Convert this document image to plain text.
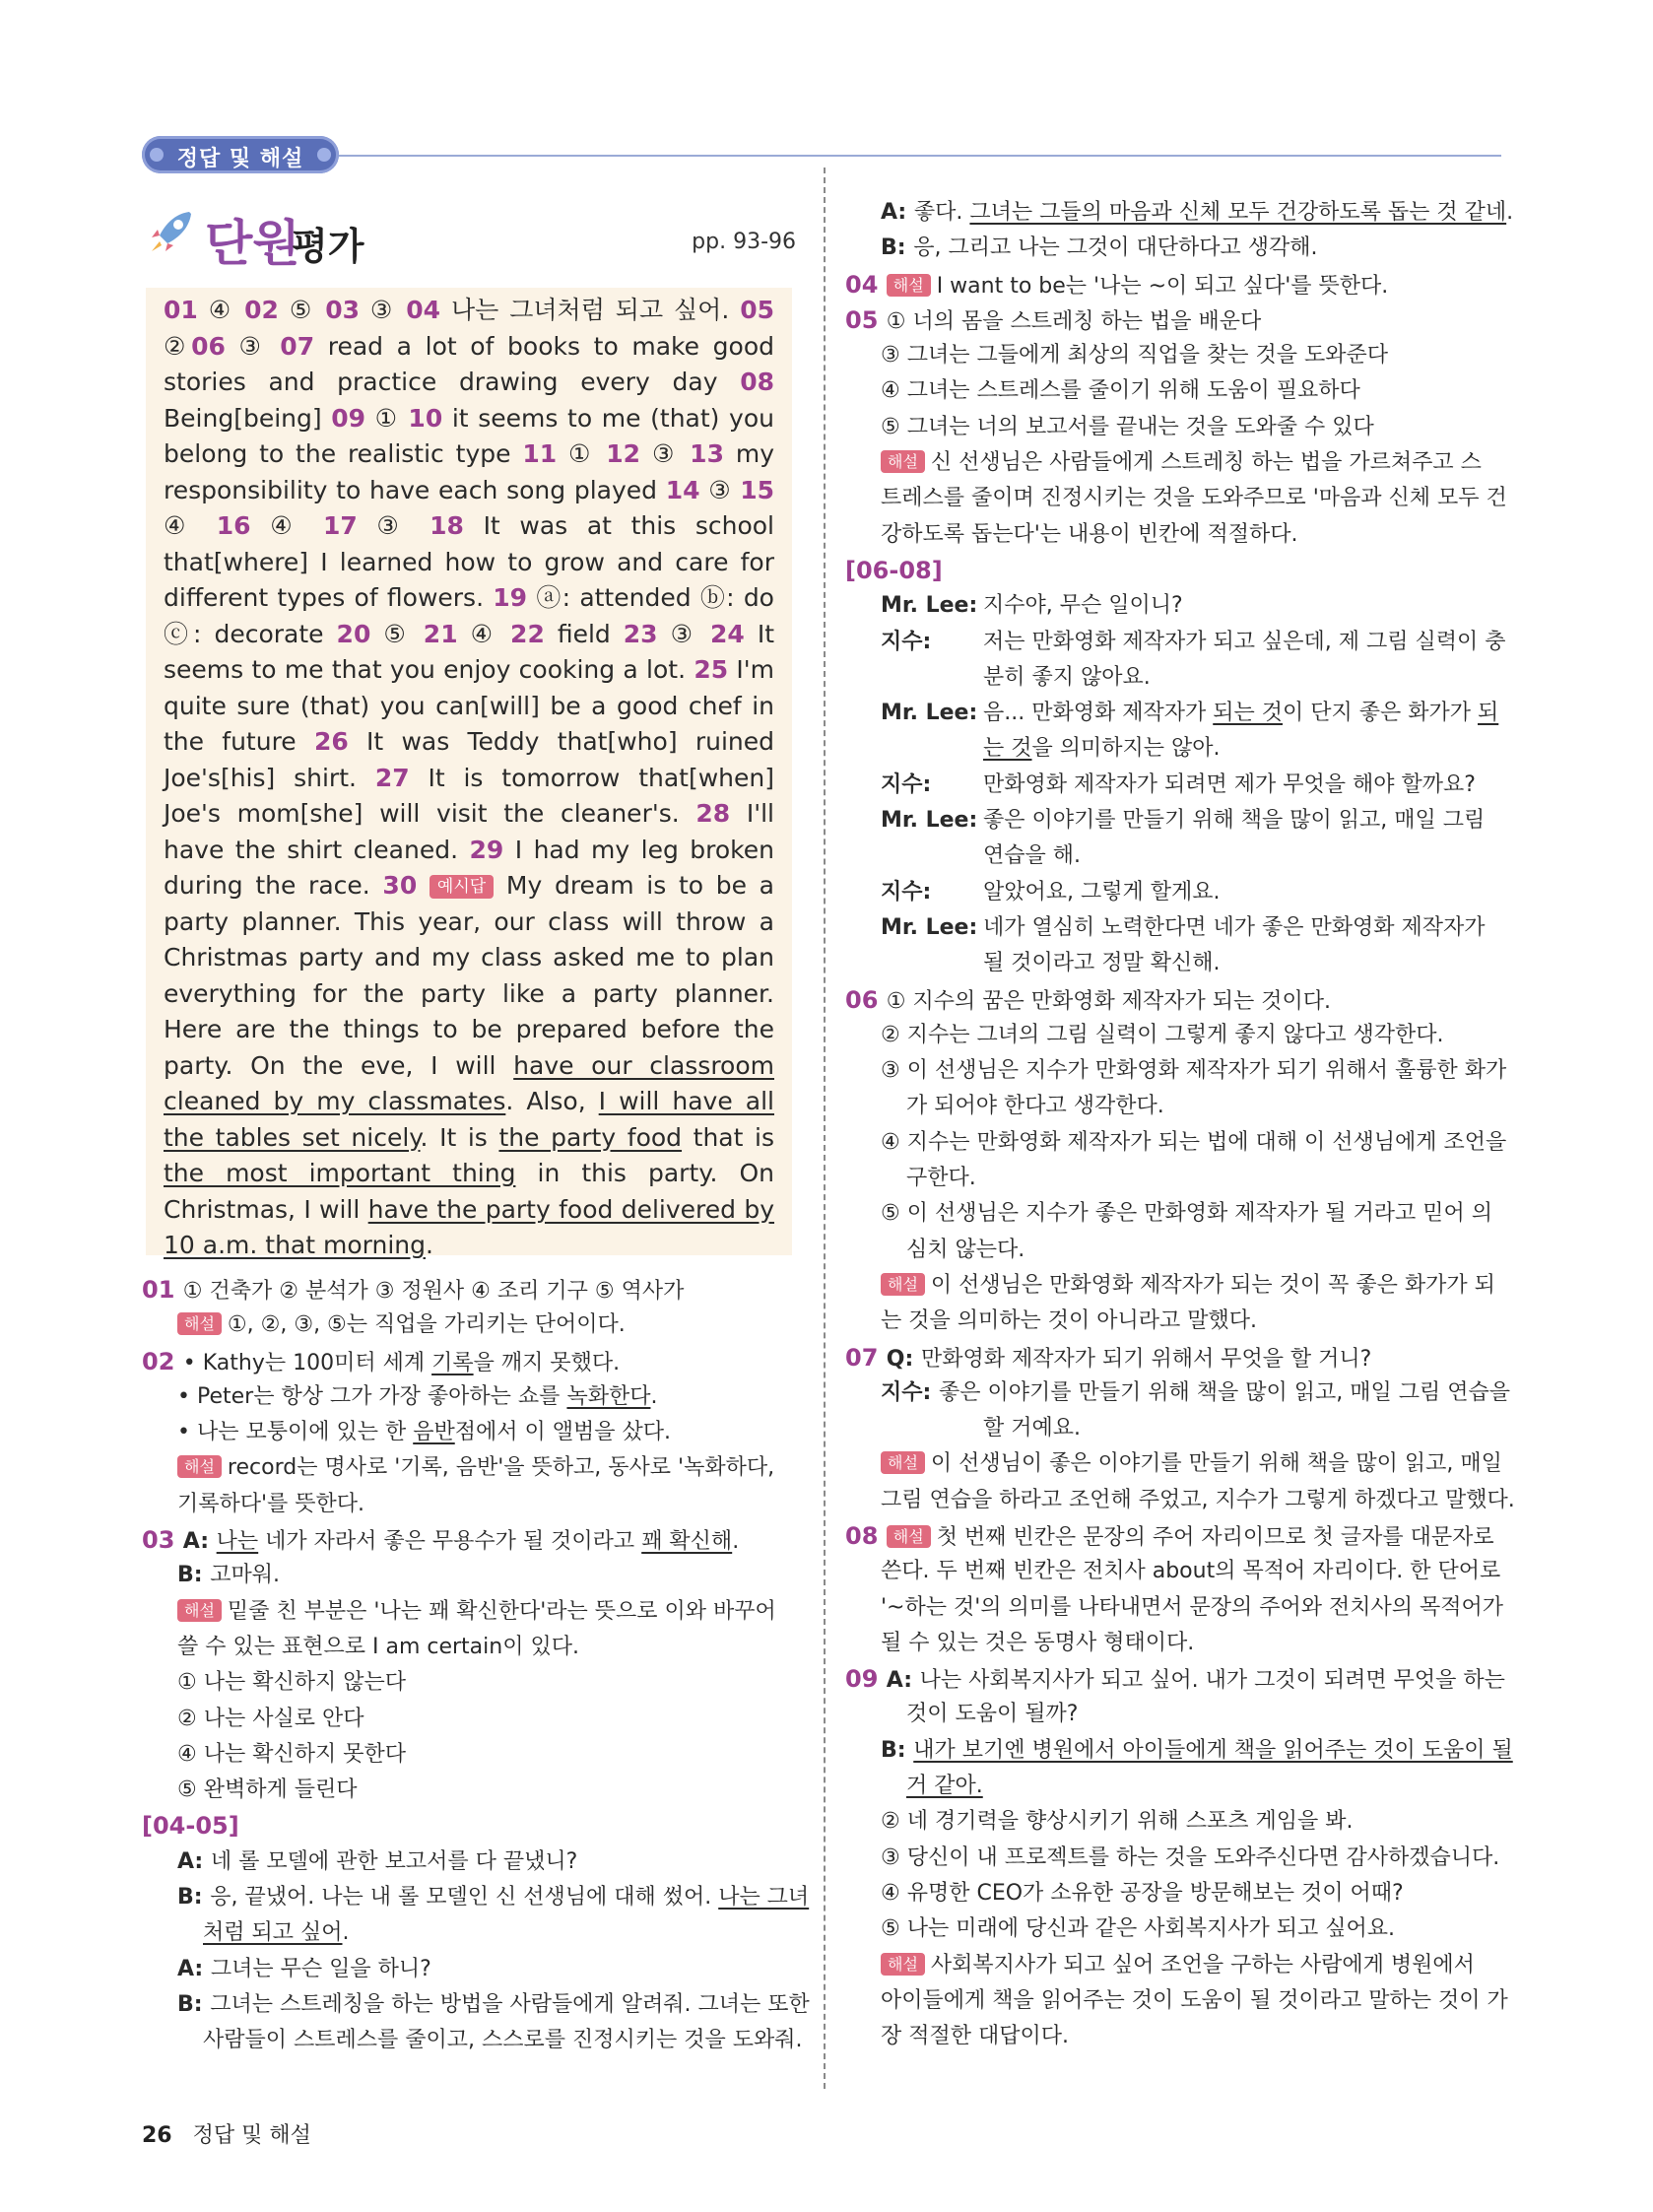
정답 및 해설
단원
평가	pp. 93-96

01 ④ 02 ⑤ 03 ③ 04 나는 그녀처럼 되고 싶어. 05 ②06 ③ 07 read a lot of books to make good stories and practice drawing every day 08 Being[being] 09 ① 10 it seems to me (that) you belong to the realistic type 11 ① 12 ③ 13 my responsibility to have each song played 14 ③ 15 ④ 16 ④ 17 ③ 18 It was at this school that[where] I learned how to grow and care for different types of flowers. 19 ⓐ: attended ⓑ: do ⓒ: decorate 20 ⑤ 21 ④ 22 field 23 ③ 24 It seems to me that you enjoy cooking a lot. 25 I'm quite sure (that) you can[will] be a good chef in the future 26 It was Teddy that[who] ruined Joe's[his] shirt. 27 It is tomorrow that[when] Joe's mom[she] will visit the cleaner's. 28 I'll have the shirt cleaned. 29 I had my leg broken during the race. 30 예시답 My dream is to be a party planner. This year, our class will throw a Christmas party and my class asked me to plan everything for the party like a party planner. Here are the things to be prepared before the party. On the eve, I will have our classroom cleaned by my classmates. Also, I will have all the tables set nicely. It is the party food that is the most important thing in this party. On Christmas, I will have the party food delivered by 10 a.m. that morning.

01 ① 건축가 ② 분석가 ③ 정원사 ④ 조리 기구 ⑤ 역사가
해설 ①, ②, ③, ⑤는 직업을 가리키는 단어이다.
02 • Kathy는 100미터 세계 기록을 깨지 못했다.
• Peter는 항상 그가 가장 좋아하는 쇼를 녹화한다.
• 나는 모퉁이에 있는 한 음반점에서 이 앨범을 샀다.
해설 record는 명사로 '기록, 음반'을 뜻하고, 동사로 '녹화하다,
기록하다'를 뜻한다.
03 A: 나는 네가 자라서 좋은 무용수가 될 것이라고 꽤 확신해.
B: 고마워.
해설 밑줄 친 부분은 '나는 꽤 확신한다'라는 뜻으로 이와 바꾸어
쓸 수 있는 표현으로 I am certain이 있다.
① 나는 확신하지 않는다
② 나는 사실로 안다
④ 나는 확신하지 못한다
⑤ 완벽하게 들린다
[04-05]
A: 네 롤 모델에 관한 보고서를 다 끝냈니?
B: 응, 끝냈어. 나는 내 롤 모델인 신 선생님에 대해 썼어. 나는 그녀
처럼 되고 싶어.
A: 그녀는 무슨 일을 하니?
B: 그녀는 스트레칭을 하는 방법을 사람들에게 알려줘. 그녀는 또한
사람들이 스트레스를 줄이고, 스스로를 진정시키는 것을 도와줘.
A: 좋다. 그녀는 그들의 마음과 신체 모두 건강하도록 돕는 것 같네.
B: 응, 그리고 나는 그것이 대단하다고 생각해.
04 해설 I want to be는 '나는 ~이 되고 싶다'를 뜻한다.
05 ① 너의 몸을 스트레칭 하는 법을 배운다
③ 그녀는 그들에게 최상의 직업을 찾는 것을 도와준다
④ 그녀는 스트레스를 줄이기 위해 도움이 필요하다
⑤ 그녀는 너의 보고서를 끝내는 것을 도와줄 수 있다
해설 신 선생님은 사람들에게 스트레칭 하는 법을 가르쳐주고 스
트레스를 줄이며 진정시키는 것을 도와주므로 '마음과 신체 모두 건
강하도록 돕는다'는 내용이 빈칸에 적절하다.
[06-08]
Mr. Lee: 지수야, 무슨 일이니?
지수: 저는 만화영화 제작자가 되고 싶은데, 제 그림 실력이 충
분히 좋지 않아요.
Mr. Lee: 음... 만화영화 제작자가 되는 것이 단지 좋은 화가가 되
는 것을 의미하지는 않아.
지수: 만화영화 제작자가 되려면 제가 무엇을 해야 할까요?
Mr. Lee: 좋은 이야기를 만들기 위해 책을 많이 읽고, 매일 그림
연습을 해.
지수: 알았어요, 그렇게 할게요.
Mr. Lee: 네가 열심히 노력한다면 네가 좋은 만화영화 제작자가
될 것이라고 정말 확신해.
06 ① 지수의 꿈은 만화영화 제작자가 되는 것이다.
② 지수는 그녀의 그림 실력이 그렇게 좋지 않다고 생각한다.
③ 이 선생님은 지수가 만화영화 제작자가 되기 위해서 훌륭한 화가
가 되어야 한다고 생각한다.
④ 지수는 만화영화 제작자가 되는 법에 대해 이 선생님에게 조언을
구한다.
⑤ 이 선생님은 지수가 좋은 만화영화 제작자가 될 거라고 믿어 의
심치 않는다.
해설 이 선생님은 만화영화 제작자가 되는 것이 꼭 좋은 화가가 되
는 것을 의미하는 것이 아니라고 말했다.
07 Q: 만화영화 제작자가 되기 위해서 무엇을 할 거니?
지수: 좋은 이야기를 만들기 위해 책을 많이 읽고, 매일 그림 연습을
할 거예요.
해설 이 선생님이 좋은 이야기를 만들기 위해 책을 많이 읽고, 매일
그림 연습을 하라고 조언해 주었고, 지수가 그렇게 하겠다고 말했다.
08 해설 첫 번째 빈칸은 문장의 주어 자리이므로 첫 글자를 대문자로
쓴다. 두 번째 빈칸은 전치사 about의 목적어 자리이다. 한 단어로
'~하는 것'의 의미를 나타내면서 문장의 주어와 전치사의 목적어가
될 수 있는 것은 동명사 형태이다.
09 A: 나는 사회복지사가 되고 싶어. 내가 그것이 되려면 무엇을 하는
것이 도움이 될까?
B: 내가 보기엔 병원에서 아이들에게 책을 읽어주는 것이 도움이 될
거 같아.
② 네 경기력을 향상시키기 위해 스포츠 게임을 봐.
③ 당신이 내 프로젝트를 하는 것을 도와주신다면 감사하겠습니다.
④ 유명한 CEO가 소유한 공장을 방문해보는 것이 어때?
⑤ 나는 미래에 당신과 같은 사회복지사가 되고 싶어요.
해설 사회복지사가 되고 싶어 조언을 구하는 사람에게 병원에서
아이들에게 책을 읽어주는 것이 도움이 될 것이라고 말하는 것이 가
장 적절한 대답이다.
26 정답 및 해설
